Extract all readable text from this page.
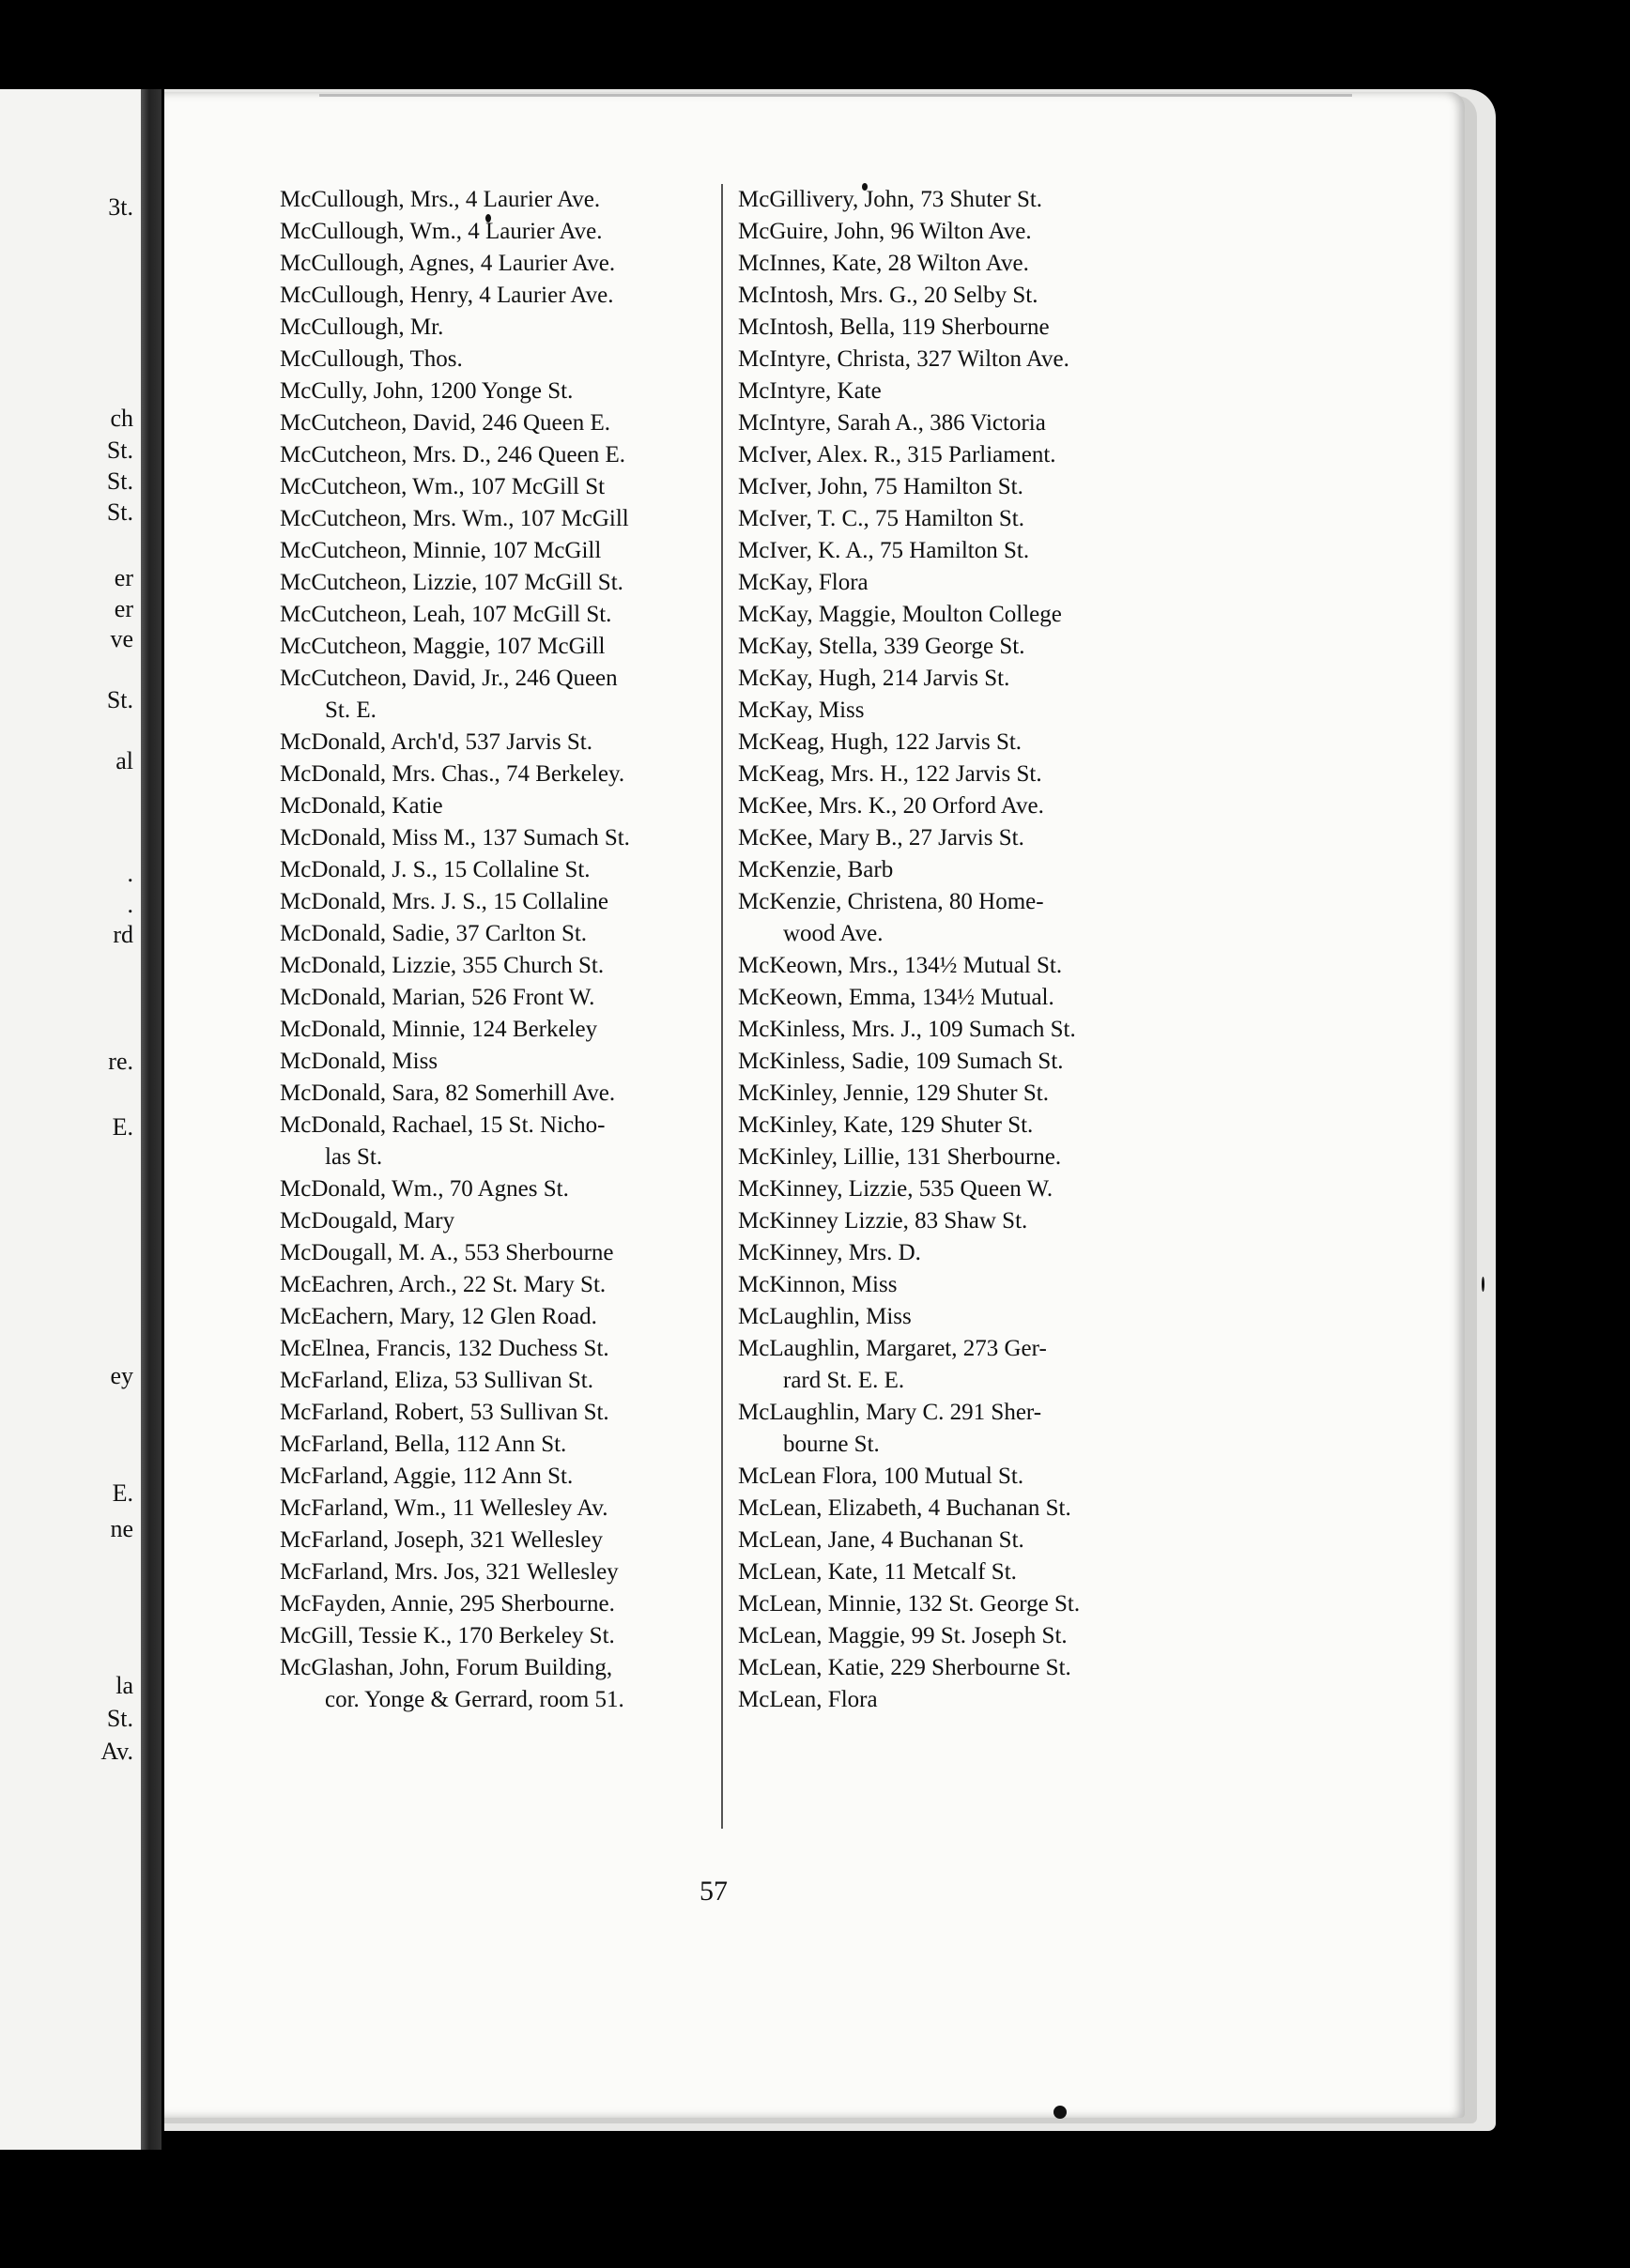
3t.
ch
St.
St.
St.
er
er
ve
St.
al
.
.
rd
re.
E.
ey
E.
ne
la
St.
Av.
McCullough, Mrs., 4 Laurier Ave.
McCullough, Wm., 4 Laurier Ave.
McCullough, Agnes, 4 Laurier Ave.
McCullough, Henry, 4 Laurier Ave.
McCullough, Mr.
McCullough, Thos.
McCully, John, 1200 Yonge St.
McCutcheon, David, 246 Queen E.
McCutcheon, Mrs. D., 246 Queen E.
McCutcheon, Wm., 107 McGill St
McCutcheon, Mrs. Wm., 107 McGill
McCutcheon, Minnie, 107 McGill
McCutcheon, Lizzie, 107 McGill St.
McCutcheon, Leah, 107 McGill St.
McCutcheon, Maggie, 107 McGill
McCutcheon, David, Jr., 246 Queen
St. E.
McDonald, Arch'd, 537 Jarvis St.
McDonald, Mrs. Chas., 74 Berkeley.
McDonald, Katie
McDonald, Miss M., 137 Sumach St.
McDonald, J. S., 15 Collaline St.
McDonald, Mrs. J. S., 15 Collaline
McDonald, Sadie, 37 Carlton St.
McDonald, Lizzie, 355 Church St.
McDonald, Marian, 526 Front W.
McDonald, Minnie, 124 Berkeley
McDonald, Miss
McDonald, Sara, 82 Somerhill Ave.
McDonald, Rachael, 15 St. Nicho-
las St.
McDonald, Wm., 70 Agnes St.
McDougald, Mary
McDougall, M. A., 553 Sherbourne
McEachren, Arch., 22 St. Mary St.
McEachern, Mary, 12 Glen Road.
McElnea, Francis, 132 Duchess St.
McFarland, Eliza, 53 Sullivan St.
McFarland, Robert, 53 Sullivan St.
McFarland, Bella, 112 Ann St.
McFarland, Aggie, 112 Ann St.
McFarland, Wm., 11 Wellesley Av.
McFarland, Joseph, 321 Wellesley
McFarland, Mrs. Jos, 321 Wellesley
McFayden, Annie, 295 Sherbourne.
McGill, Tessie K., 170 Berkeley St.
McGlashan, John, Forum Building,
cor. Yonge & Gerrard, room 51.
McGillivery, John, 73 Shuter St.
McGuire, John, 96 Wilton Ave.
McInnes, Kate, 28 Wilton Ave.
McIntosh, Mrs. G., 20 Selby St.
McIntosh, Bella, 119 Sherbourne
McIntyre, Christa, 327 Wilton Ave.
McIntyre, Kate
McIntyre, Sarah A., 386 Victoria
McIver, Alex. R., 315 Parliament.
McIver, John, 75 Hamilton St.
McIver, T. C., 75 Hamilton St.
McIver, K. A., 75 Hamilton St.
McKay, Flora
McKay, Maggie, Moulton College
McKay, Stella, 339 George St.
McKay, Hugh, 214 Jarvis St.
McKay, Miss
McKeag, Hugh, 122 Jarvis St.
McKeag, Mrs. H., 122 Jarvis St.
McKee, Mrs. K., 20 Orford Ave.
McKee, Mary B., 27 Jarvis St.
McKenzie, Barb
McKenzie, Christena, 80 Home-
wood Ave.
McKeown, Mrs., 134½ Mutual St.
McKeown, Emma, 134½ Mutual.
McKinless, Mrs. J., 109 Sumach St.
McKinless, Sadie, 109 Sumach St.
McKinley, Jennie, 129 Shuter St.
McKinley, Kate, 129 Shuter St.
McKinley, Lillie, 131 Sherbourne.
McKinney, Lizzie, 535 Queen W.
McKinney Lizzie, 83 Shaw St.
McKinney, Mrs. D.
McKinnon, Miss
McLaughlin, Miss
McLaughlin, Margaret, 273 Ger-
rard St. E. E.
McLaughlin, Mary C. 291 Sher-
bourne St.
McLean Flora, 100 Mutual St.
McLean, Elizabeth, 4 Buchanan St.
McLean, Jane, 4 Buchanan St.
McLean, Kate, 11 Metcalf St.
McLean, Minnie, 132 St. George St.
McLean, Maggie, 99 St. Joseph St.
McLean, Katie, 229 Sherbourne St.
McLean, Flora
57
